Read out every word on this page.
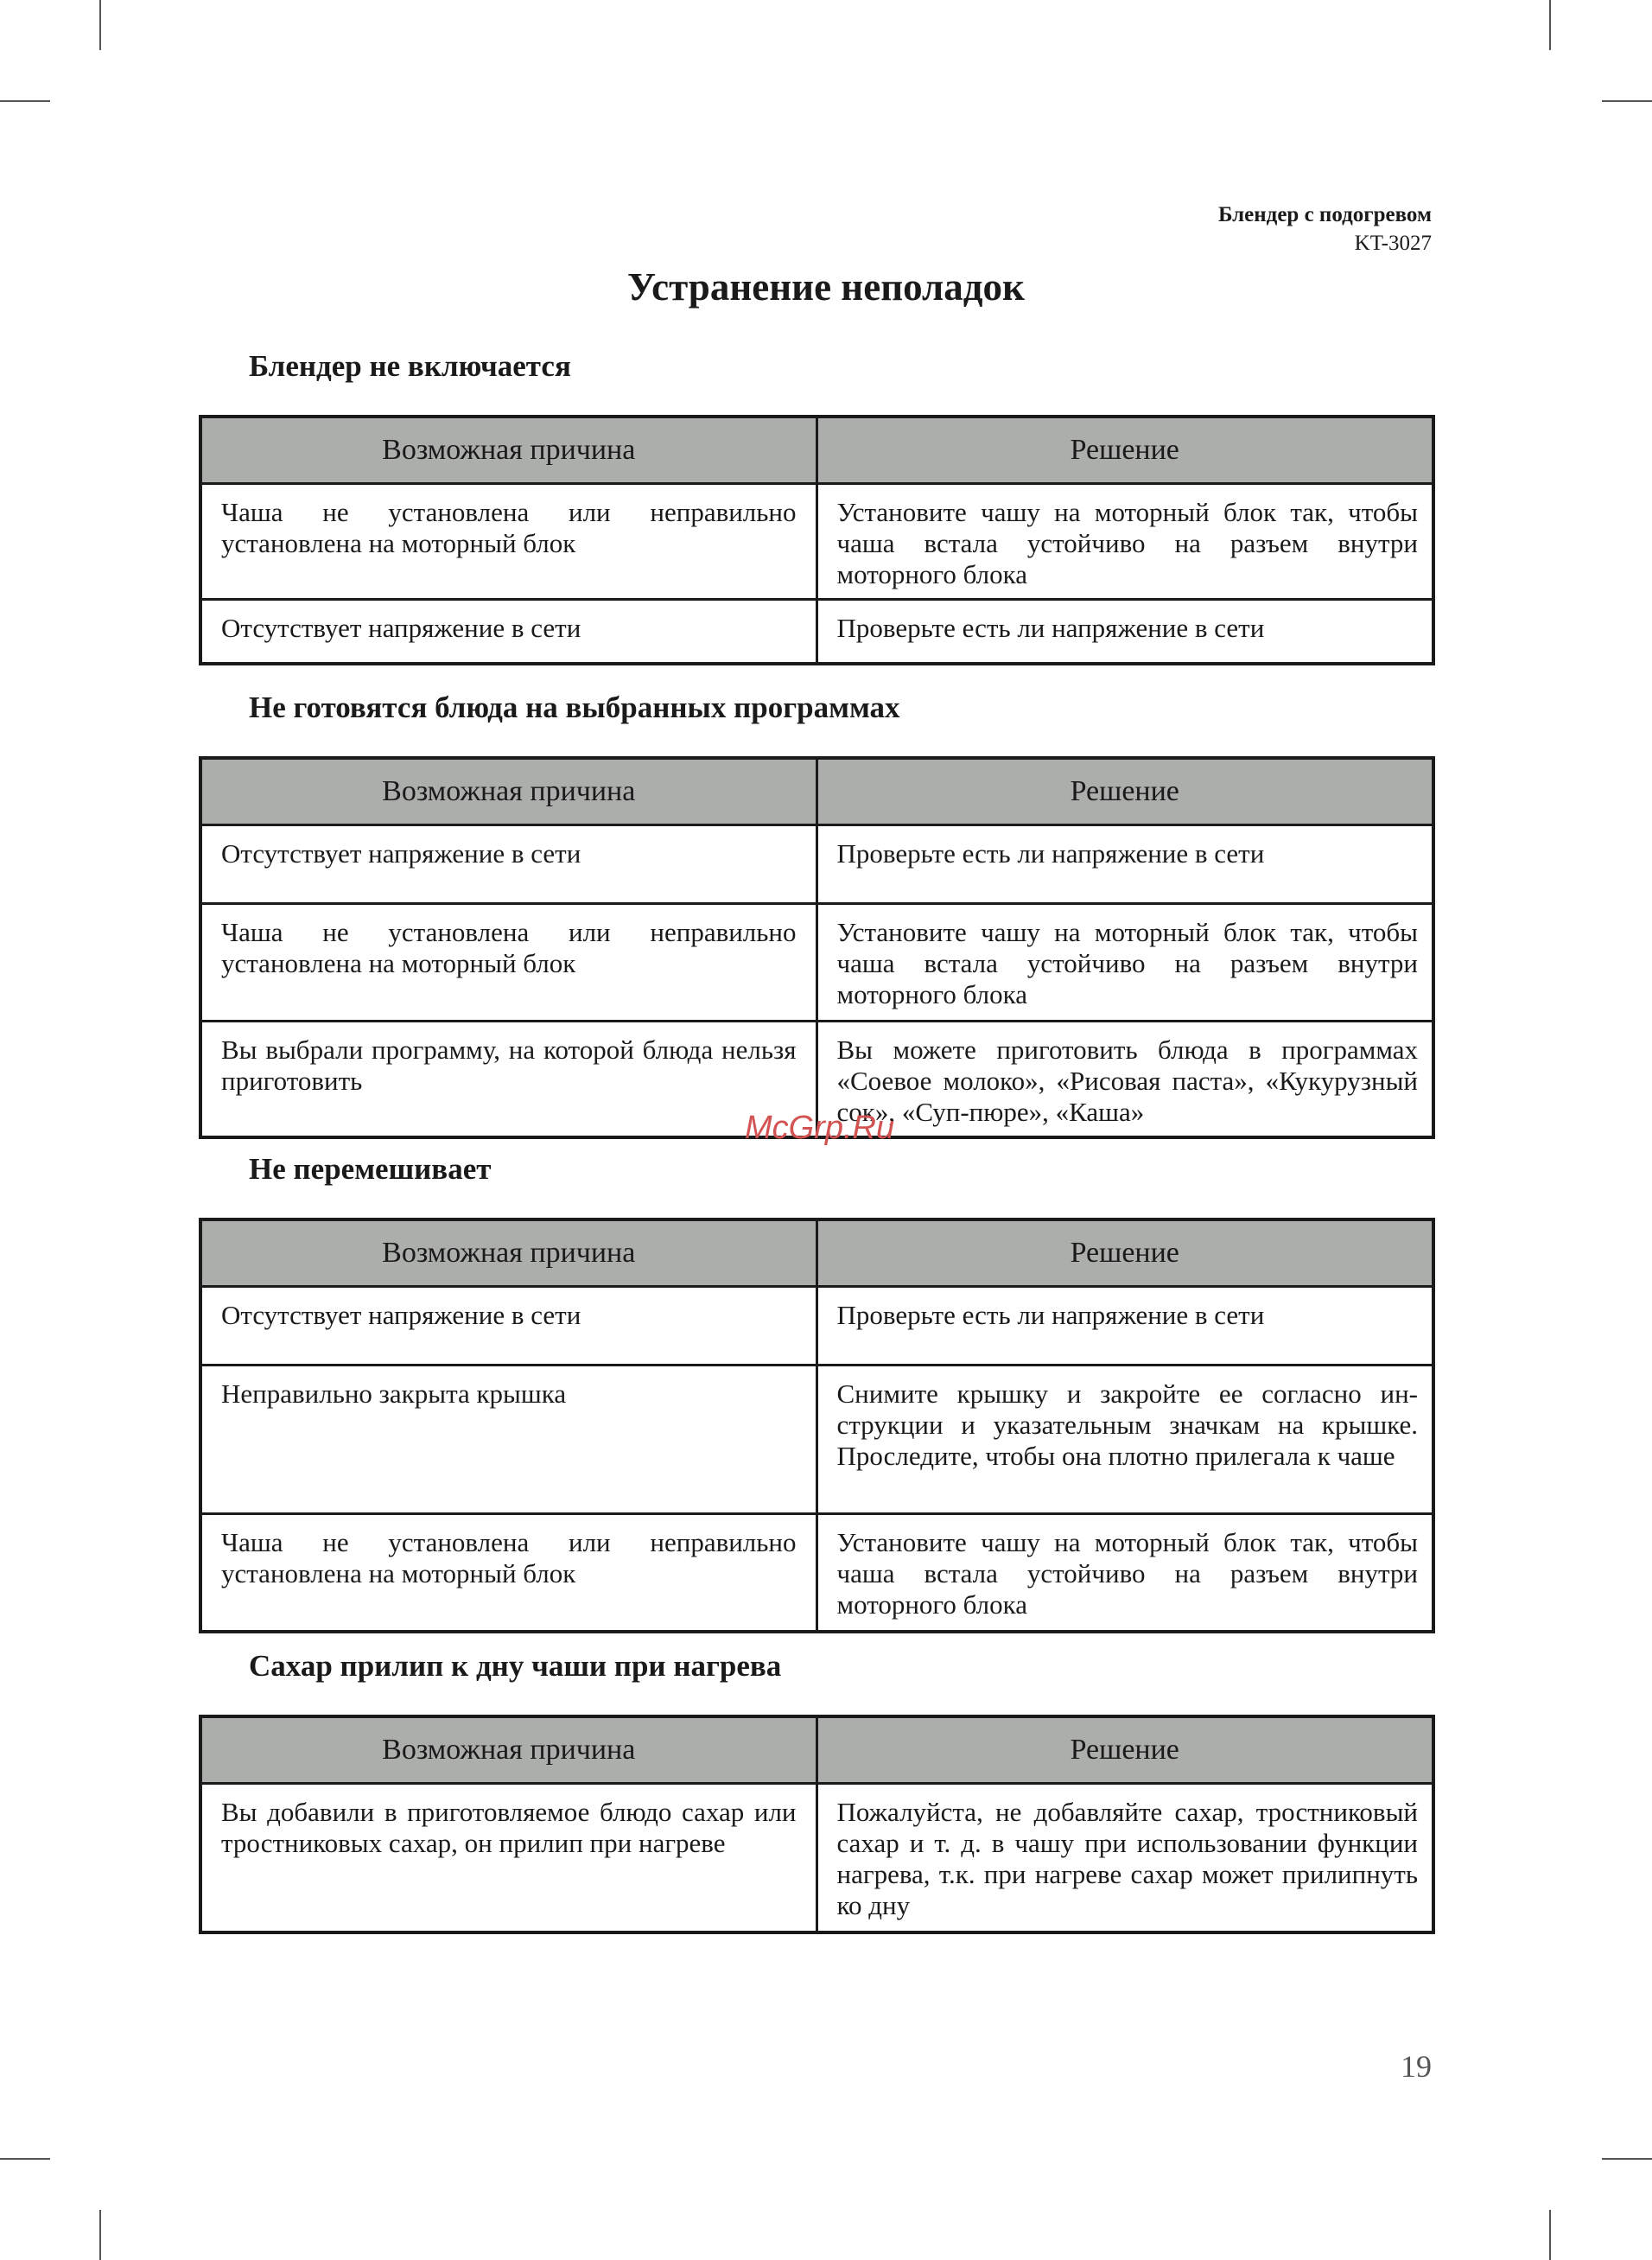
Блендер с подогревом
KT-3027
Устранение неполадок
Блендер не включается
Возможная причина	Решение
Чаша не установлена или неправильно установлена на моторный блок	Установите чашу на моторный блок так, чтобы чаша встала устойчиво на разъем внутри моторного блока
Отсутствует напряжение в сети	Проверьте есть ли напряжение в сети
Не готовятся блюда на выбранных программах
Возможная причина	Решение
Отсутствует напряжение в сети	Проверьте есть ли напряжение в сети
Чаша не установлена или неправильно установлена на моторный блок	Установите чашу на моторный блок так, чтобы чаша встала устойчиво на разъем внутри моторного блока
Вы выбрали программу, на которой блюда нельзя приготовить	Вы можете приготовить блюда в программах «Соевое молоко», «Рисовая паста», «Кукурузный сок», «Суп-пюре», «Каша»
Не перемешивает
Возможная причина	Решение
Отсутствует напряжение в сети	Проверьте есть ли напряжение в сети
Неправильно закрыта крышка	Снимите крышку и закройте ее согласно инструкции и указательным значкам на крышке. Проследите, чтобы она плотно прилегала к чаше
Чаша не установлена или неправильно установлена на моторный блок	Установите чашу на моторный блок так, чтобы чаша встала устойчиво на разъем внутри моторного блока
Сахар прилип к дну чаши при нагрева
Возможная причина	Решение
Вы добавили в приготовляемое блюдо сахар или тростниковых сахар, он прилип при нагреве	Пожалуйста, не добавляйте сахар, тростниковый сахар и т. д. в чашу при использовании функции нагрева, т.к. при нагреве сахар может прилипнуть ко дну
McGrp.Ru
19
